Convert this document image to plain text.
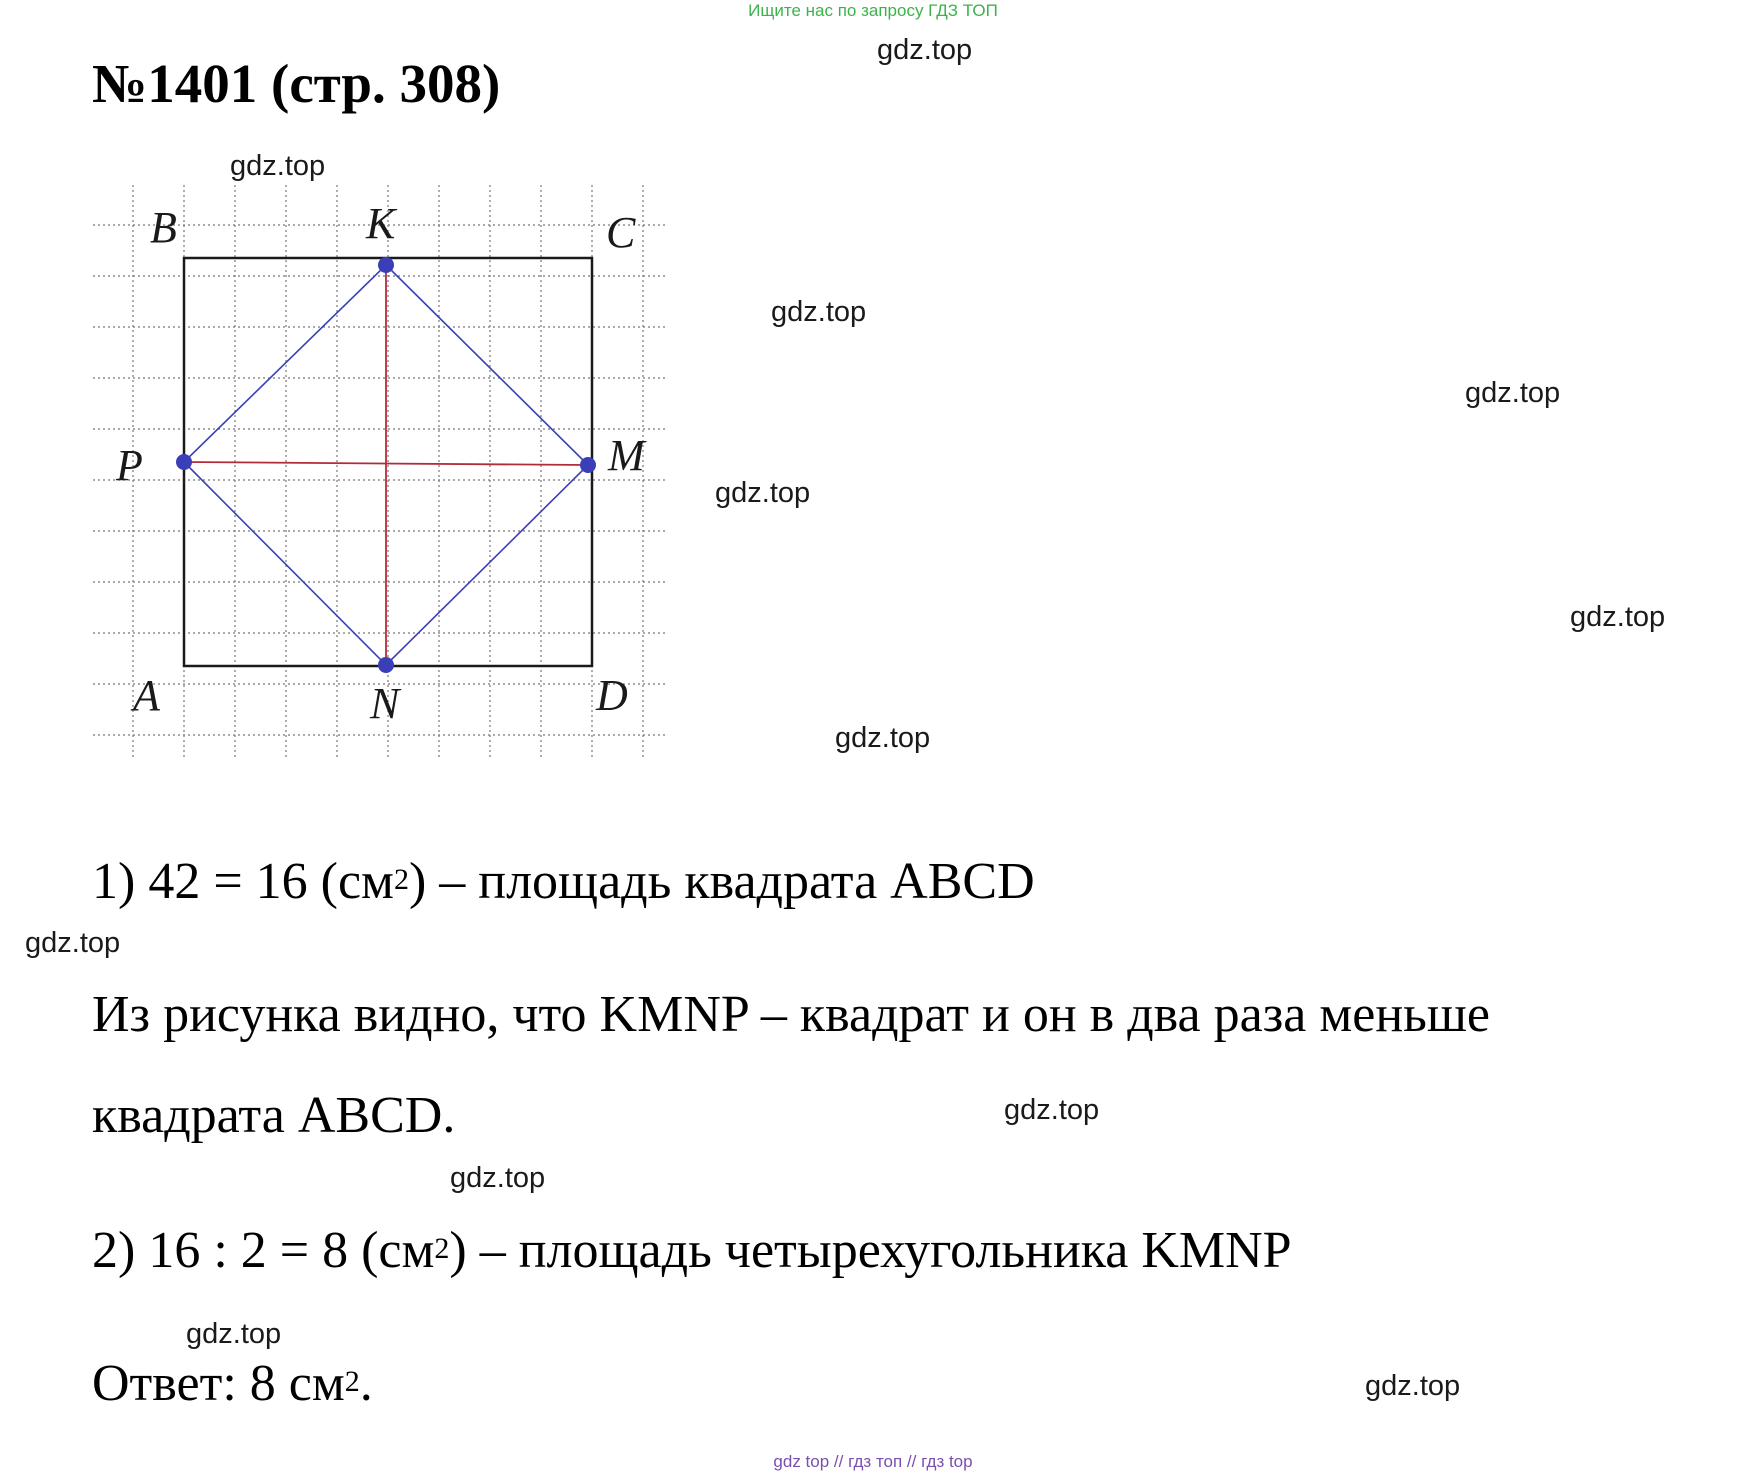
Ищите нас по запросу ГДЗ ТОП
№1401 (стр. 308)
gdz.top
gdz.top
gdz.top
gdz.top
gdz.top
gdz.top
gdz.top
gdz.top
gdz.top
gdz.top
gdz.top
gdz.top
B	K	C
P	M
A	N	D
1) 42 = 16 $(см^2)$ – площадь квадрата ABCD
Из рисунка видно, что KMNP – квадрат и он в два раза меньше
квадрата ABCD.
2) 16 : 2 = 8 $(см^2)$ – площадь четырехугольника KMNP
Ответ: 8 $см^2$.
gdz top // гдз топ // гдз top
